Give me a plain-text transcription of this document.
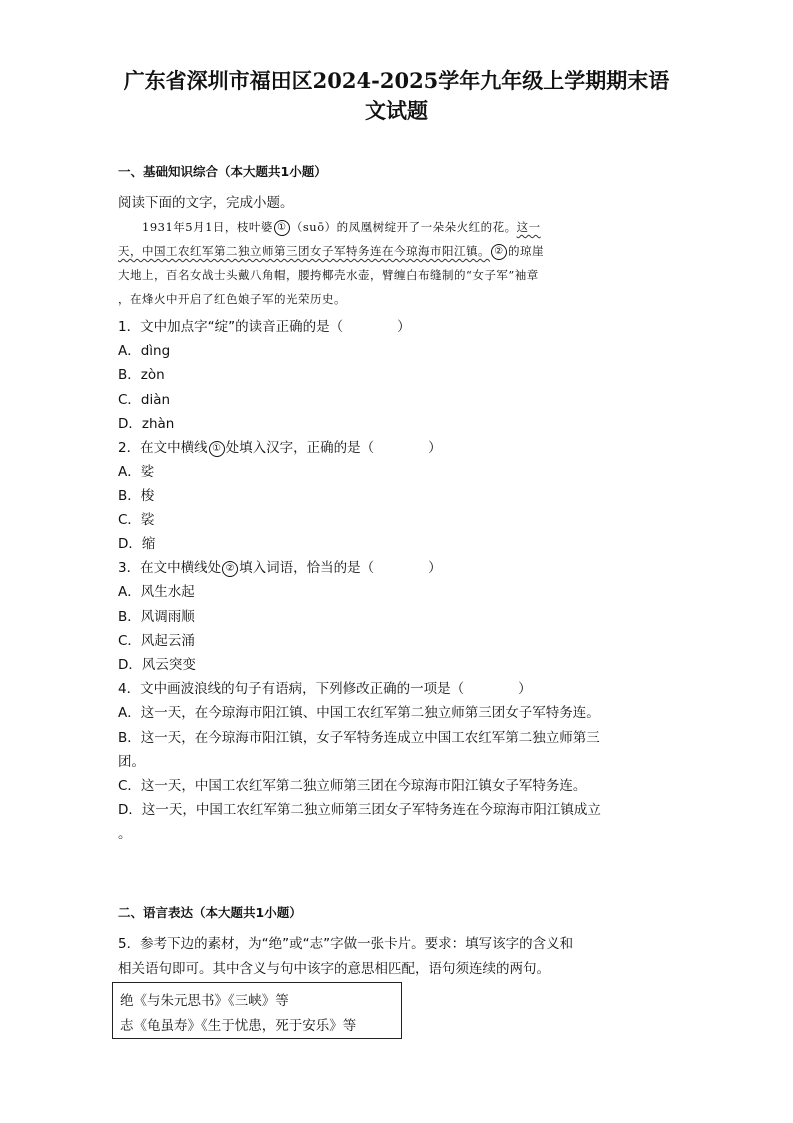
广东省深圳市福田区2024-2025学年九年级上学期期末语
文试题

一、基础知识综合（本大题共1小题）

阅读下面的文字，完成小题。

1931年5月1日，枝叶婆 ① （suō）的凤凰树绽开了一朵朵火红的花。这一

天，中国工农红军第二独立师第三团女子军特务连在今琼海市阳江镇。 ② 的琼崖

大地上，百名女战士头戴八角帽，腰挎椰壳水壶，臂缠白布缝制的“女子军”袖章

，在烽火中开启了红色娘子军的光荣历史。

1．文中加点字“绽”的读音正确的是（　　　　）

A．dìng

B．zòn

C．diàn

D．zhàn

2．在文中横线 ① 处填入汉字，正确的是（　　　　）

A．娑

B．梭

C．裟

D．缩

3．在文中横线处 ② 填入词语，恰当的是（　　　　）

A．风生水起

B．风调雨顺

C．风起云涌

D．风云突变

4．文中画波浪线的句子有语病，下列修改正确的一项是（　　　　）

A．这一天，在今琼海市阳江镇、中国工农红军第二独立师第三团女子军特务连。

B．这一天，在今琼海市阳江镇，女子军特务连成立中国工农红军第二独立师第三

团。

C．这一天，中国工农红军第二独立师第三团在今琼海市阳江镇女子军特务连。

D．这一天，中国工农红军第二独立师第三团女子军特务连在今琼海市阳江镇成立

。

二、语言表达（本大题共1小题）

5．参考下边的素材，为“绝”或“志”字做一张卡片。要求：填写该字的含义和

相关语句即可。其中含义与句中该字的意思相匹配，语句须连续的两句。

绝《与朱元思书》《三峡》等

志《龟虽寿》《生于忧患，死于安乐》等
